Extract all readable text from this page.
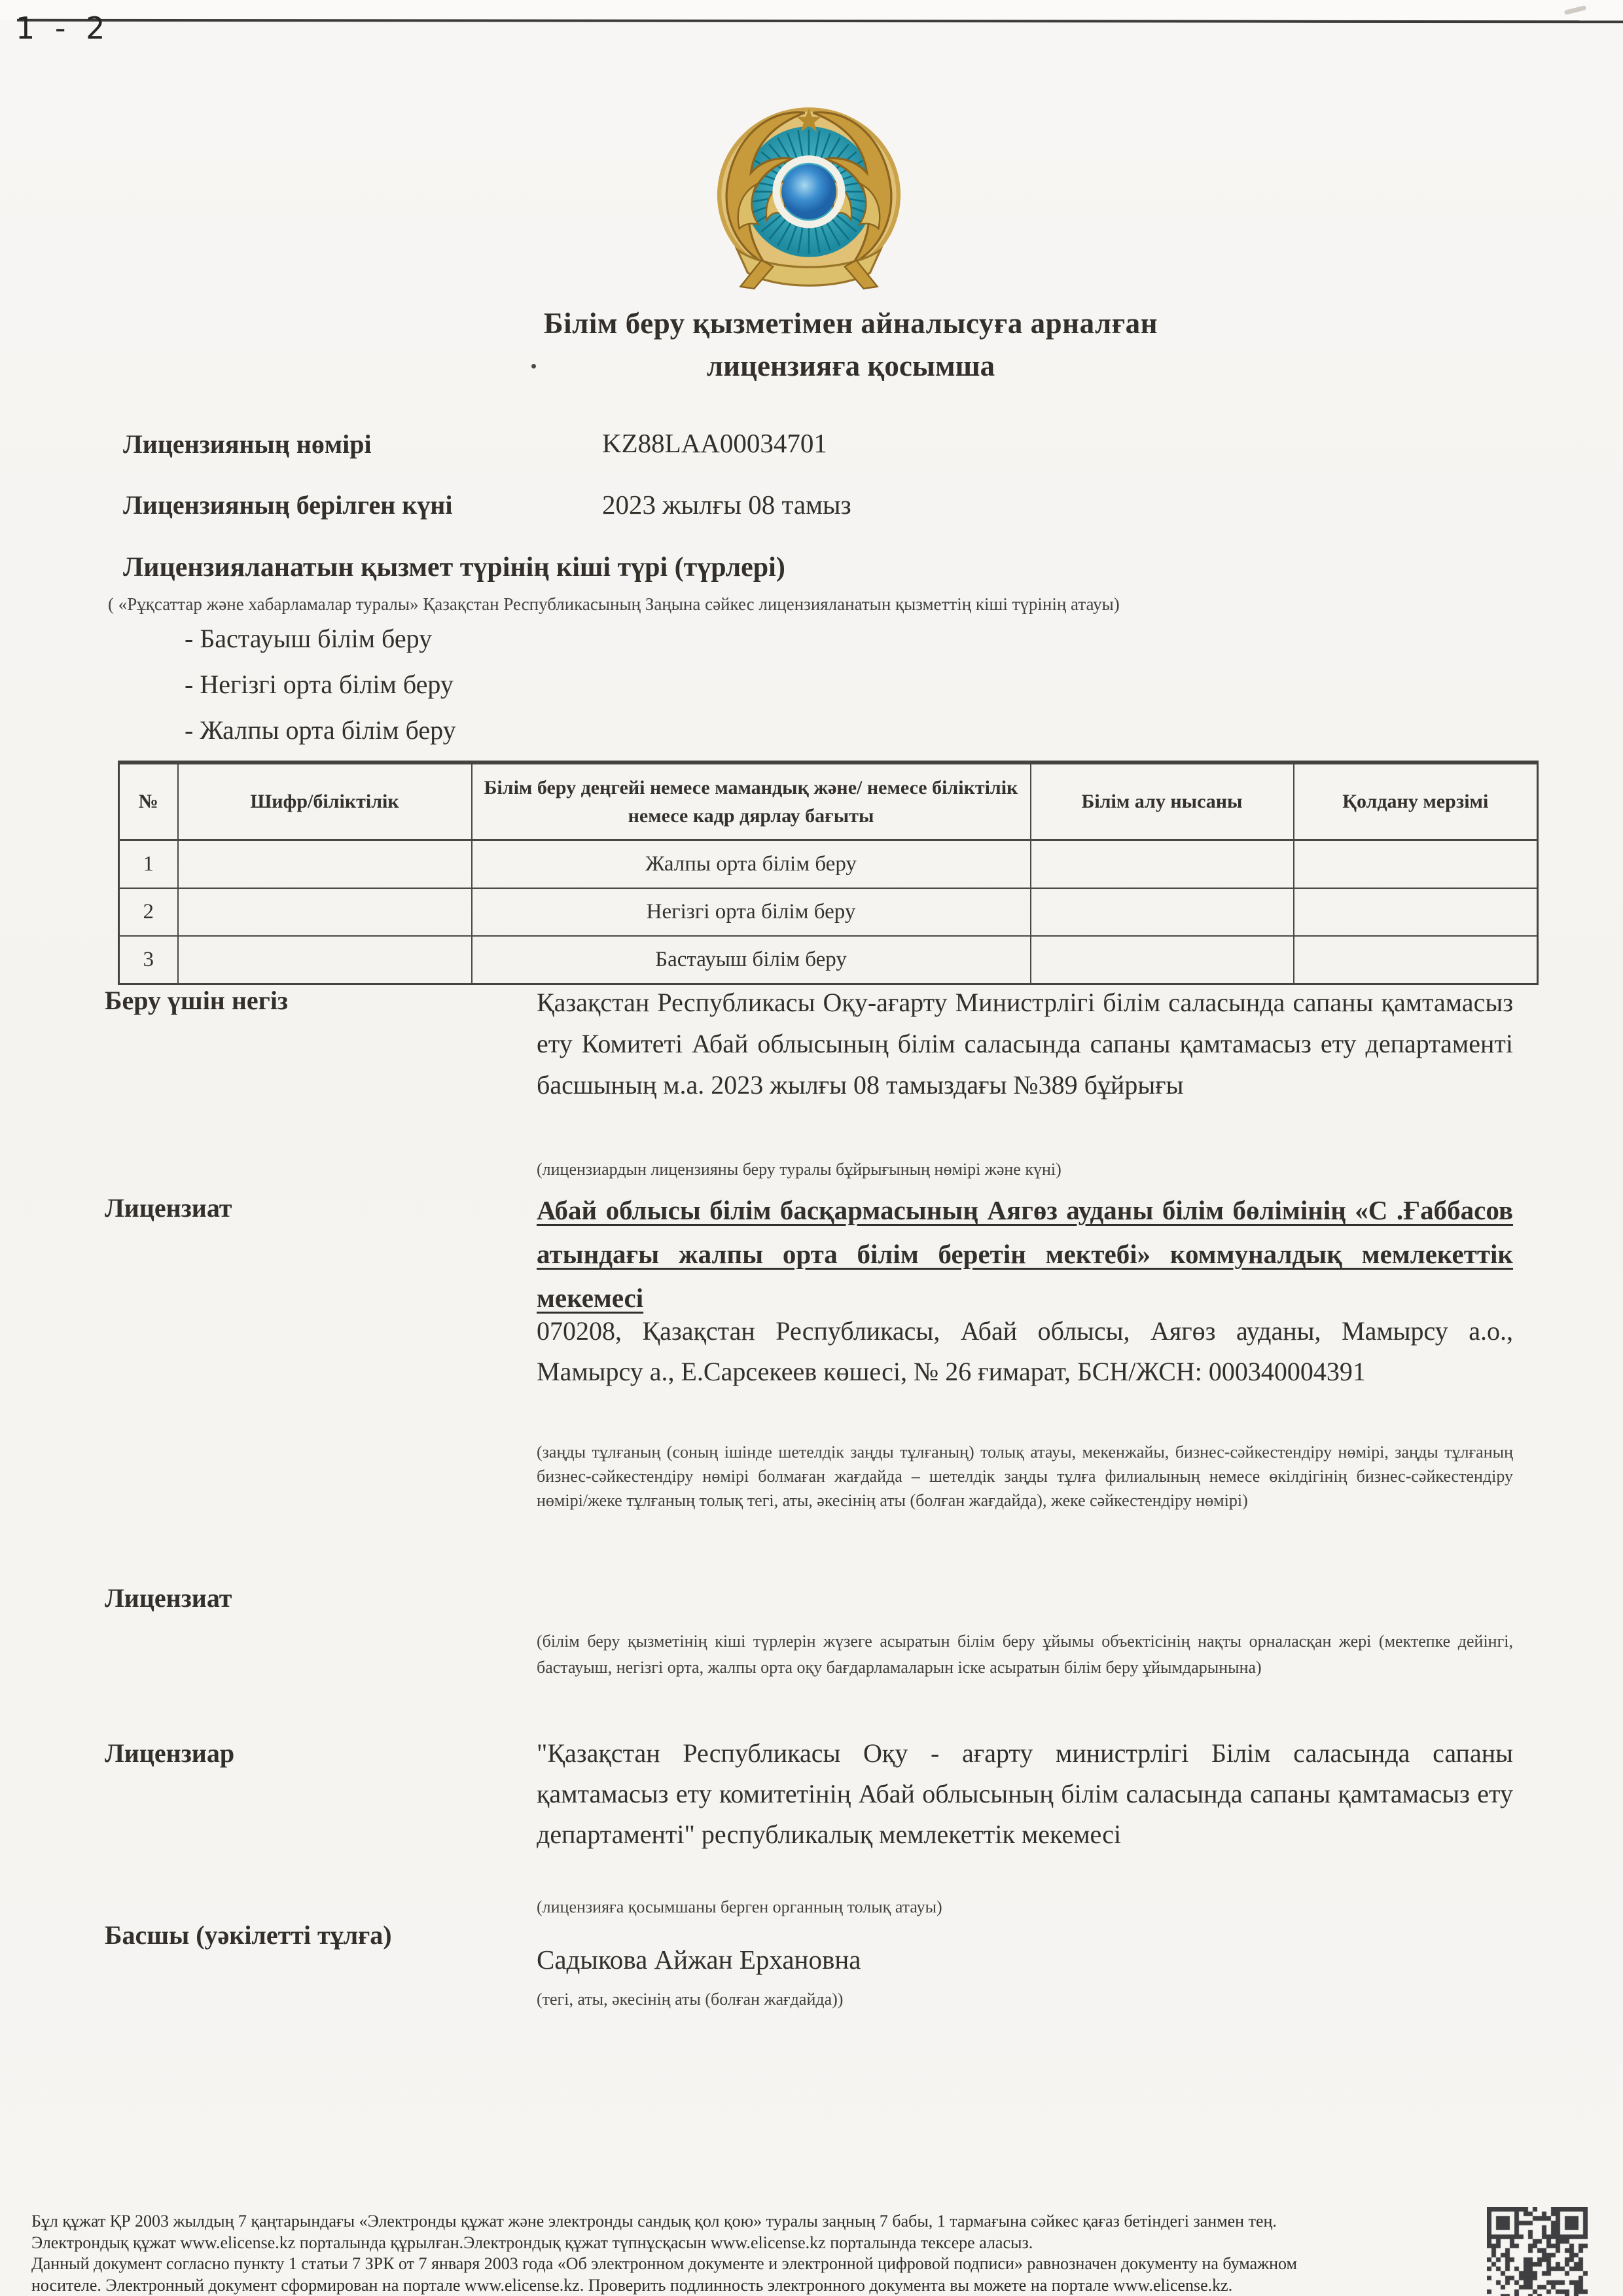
1 - 2
Білім беру қызметімен айналысуға арналған
лицензияға қосымша
Лицензияның нөмірі	KZ88LAA00034701
Лицензияның берілген күні	2023 жылғы 08 тамыз
Лицензияланатын қызмет түрінің кіші түрі (түрлері)
( «Рұқсаттар және хабарламалар туралы» Қазақстан Республикасының Заңына сәйкес лицензияланатын қызметтің кіші түрінің атауы)
- Бастауыш білім беру
- Негізгі орта білім беру
- Жалпы орта білім беру
№	Шифр/біліктілік	Білім беру деңгейі немесе мамандық және/ немесе біліктілік немесе кадр дярлау бағыты	Білім алу нысаны	Қолдану мерзімі
1		Жалпы орта білім беру		
2		Негізгі орта білім беру		
3		Бастауыш білім беру		
Беру үшін негіз	Қазақстан Республикасы Оқу-ағарту Министрлігі білім саласында сапаны қамтамасыз ету Комитеті Абай облысының білім саласында сапаны қамтамасыз ету департаменті басшының м.а. 2023 жылғы 08 тамыздағы №389 бұйрығы
(лицензиардын лицензияны беру туралы бұйрығының нөмірі және күні)
Лицензиат	Абай облысы білім басқармасының Аягөз ауданы білім бөлімінің «С .Ғаббасов атындағы жалпы орта білім беретін мектебі» коммуналдық мемлекеттік мекемесі
070208, Қазақстан Республикасы, Абай облысы, Аягөз ауданы, Мамырсу а.о., Мамырсу а., Е.Сарсекеев көшесі, № 26 ғимарат, БСН/ЖСН: 000340004391
(заңды тұлғаның (соның ішінде шетелдік заңды тұлғаның) толық атауы, мекенжайы, бизнес-сәйкестендіру нөмірі, заңды тұлғаның бизнес-сәйкестендіру нөмірі болмаған жағдайда – шетелдік заңды тұлға филиалының немесе өкілдігінің бизнес-сәйкестендіру нөмірі/жеке тұлғаның толық тегі, аты, әкесінің аты (болған жағдайда), жеке сәйкестендіру нөмірі)
Лицензиат
(білім беру қызметінің кіші түрлерін жүзеге асыратын білім беру ұйымы объектісінің нақты орналасқан жері (мектепке дейінгі, бастауыш, негізгі орта, жалпы орта оқу бағдарламаларын іске асыратын білім беру ұйымдарынына)
Лицензиар	"Қазақстан Республикасы Оқу - ағарту министрлігі Білім саласында сапаны қамтамасыз ету комитетінің Абай облысының білім саласында сапаны қамтамасыз ету департаменті" республикалық мемлекеттік мекемесі
(лицензияға қосымшаны берген органның толық атауы)
Басшы (уәкілетті тұлға)
Садыкова Айжан Ерхановна
(тегі, аты, әкесінің аты (болған жағдайда))
Бұл құжат ҚР 2003 жылдың 7 қаңтарындағы «Электронды құжат және электронды сандық қол қою» туралы заңның 7 бабы, 1 тармағына сәйкес қағаз бетіндегі занмен тең.
Электрондық құжат www.elicense.kz порталында құрылған.Электрондық құжат түпнұсқасын www.elicense.kz порталында тексере аласыз.
Данный документ согласно пункту 1 статьи 7 ЗРК от 7 января 2003 года «Об электронном документе и электронной цифровой подписи» равнозначен документу на бумажном
носителе. Электронный документ сформирован на портале www.elicense.kz. Проверить подлинность электронного документа вы можете на портале www.elicense.kz.
